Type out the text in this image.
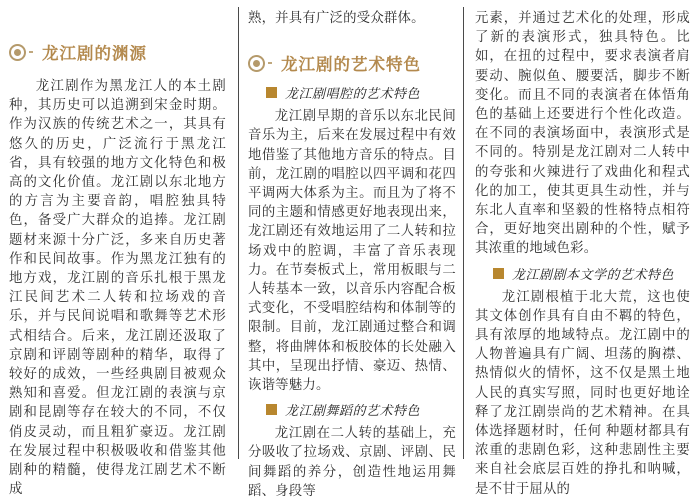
龙江剧的渊源

龙江剧作为黑龙江人的本土剧种，其历史可以追溯到宋金时期。作为汉族的传统艺术之一，其具有悠久的历史，广泛流行于黑龙江省，具有较强的地方文化特色和极高的文化价值。龙江剧以东北地方的方言为主要音韵，唱腔独具特色，备受广大群众的追捧。龙江剧题材来源十分广泛，多来自历史著作和民间故事。作为黑龙江独有的地方戏，龙江剧的音乐扎根于黑龙江民间艺术二人转和拉场戏的音乐，并与民间说唱和歌舞等艺术形式相结合。后来，龙江剧还汲取了京剧和评剧等剧种的精华，取得了较好的成效，一些经典剧目被观众熟知和喜爱。但龙江剧的表演与京剧和昆剧等存在较大的不同，不仅俏皮灵动，而且粗犷豪迈。龙江剧在发展过程中积极吸收和借鉴其他剧种的精髓，使得龙江剧艺术不断成

熟，并具有广泛的受众群体。

龙江剧的艺术特色
龙江剧唱腔的艺术特色

龙江剧早期的音乐以东北民间音乐为主，后来在发展过程中有效地借鉴了其他地方音乐的特点。目前，龙江剧的唱腔以四平调和花四平调两大体系为主。而且为了将不同的主题和情感更好地表现出来，龙江剧还有效地运用了二人转和拉场戏中的腔调，丰富了音乐表现力。在节奏板式上，常用板眼与二人转基本一致，以音乐内容配合板式变化，不受唱腔结构和体制等的限制。目前，龙江剧通过整合和调整，将曲牌体和板胶体的长处融入其中，呈现出抒情、豪迈、热情、诙谐等魅力。

龙江剧舞蹈的艺术特色

龙江剧在二人转的基础上，充分吸收了拉场戏、京剧、评剧、民间舞蹈的养分，创造性地运用舞蹈、身段等

元素，并通过艺术化的处理，形成了新的表演形式，独具特色。比如，在扭的过程中，要求表演者肩要动、腕似鱼、腰要活，脚步不断变化。而且不同的表演者在体悟角色的基础上还要进行个性化改造。在不同的表演场面中，表演形式是不同的。特别是龙江剧对二人转中的夸张和火辣进行了戏曲化和程式化的加工，使其更具生动性，并与东北人直率和坚毅的性格特点相符合，更好地突出剧种的个性，赋予其浓重的地域色彩。

龙江剧剧本文学的艺术特色

龙江剧根植于北大荒，这也使其文体创作具有自由不羁的特色，具有浓厚的地域特点。龙江剧中的人物普遍具有广阔、坦荡的胸襟、热情似火的情怀，这不仅是黑土地人民的真实写照，同时也更好地诠释了龙江剧崇尚的艺术精神。在具体选择题材时，任何 种题材都具有浓重的悲剧色彩，这种悲剧性主要来自社会底层百姓的挣扎和呐喊，是不甘于屈从的
